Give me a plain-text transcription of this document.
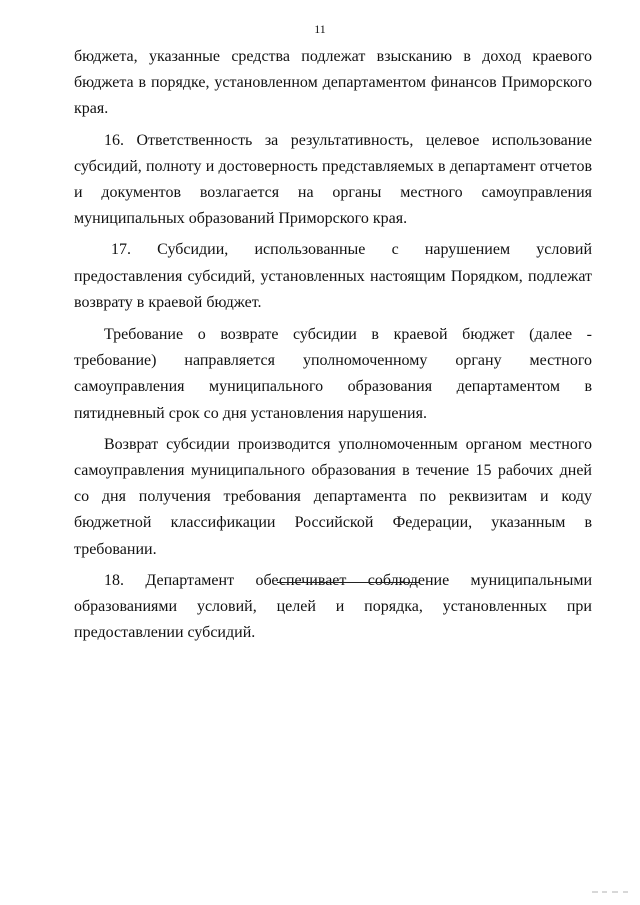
11

бюджета, указанные средства подлежат взысканию в доход краевого бюджета в порядке, установленном департаментом финансов Приморского края.

16. Ответственность за результативность, целевое использование субсидий, полноту и достоверность представляемых в департамент отчетов и документов возлагается на органы местного самоуправления муниципальных образований Приморского края.

17. Субсидии, использованные с нарушением условий предоставления субсидий, установленных настоящим Порядком, подлежат возврату в краевой бюджет.

Требование о возврате субсидии в краевой бюджет (далее - требование) направляется уполномоченному органу местного самоуправления муниципального образования департаментом в пятидневный срок со дня установления нарушения.

Возврат субсидии производится уполномоченным органом местного самоуправления муниципального образования в течение 15 рабочих дней со дня получения требования департамента по реквизитам и коду бюджетной классификации Российской Федерации, указанным в требовании.

18. Департамент обеспечивает соблюдение муниципальными образованиями условий, целей и порядка, установленных при предоставлении субсидий.
